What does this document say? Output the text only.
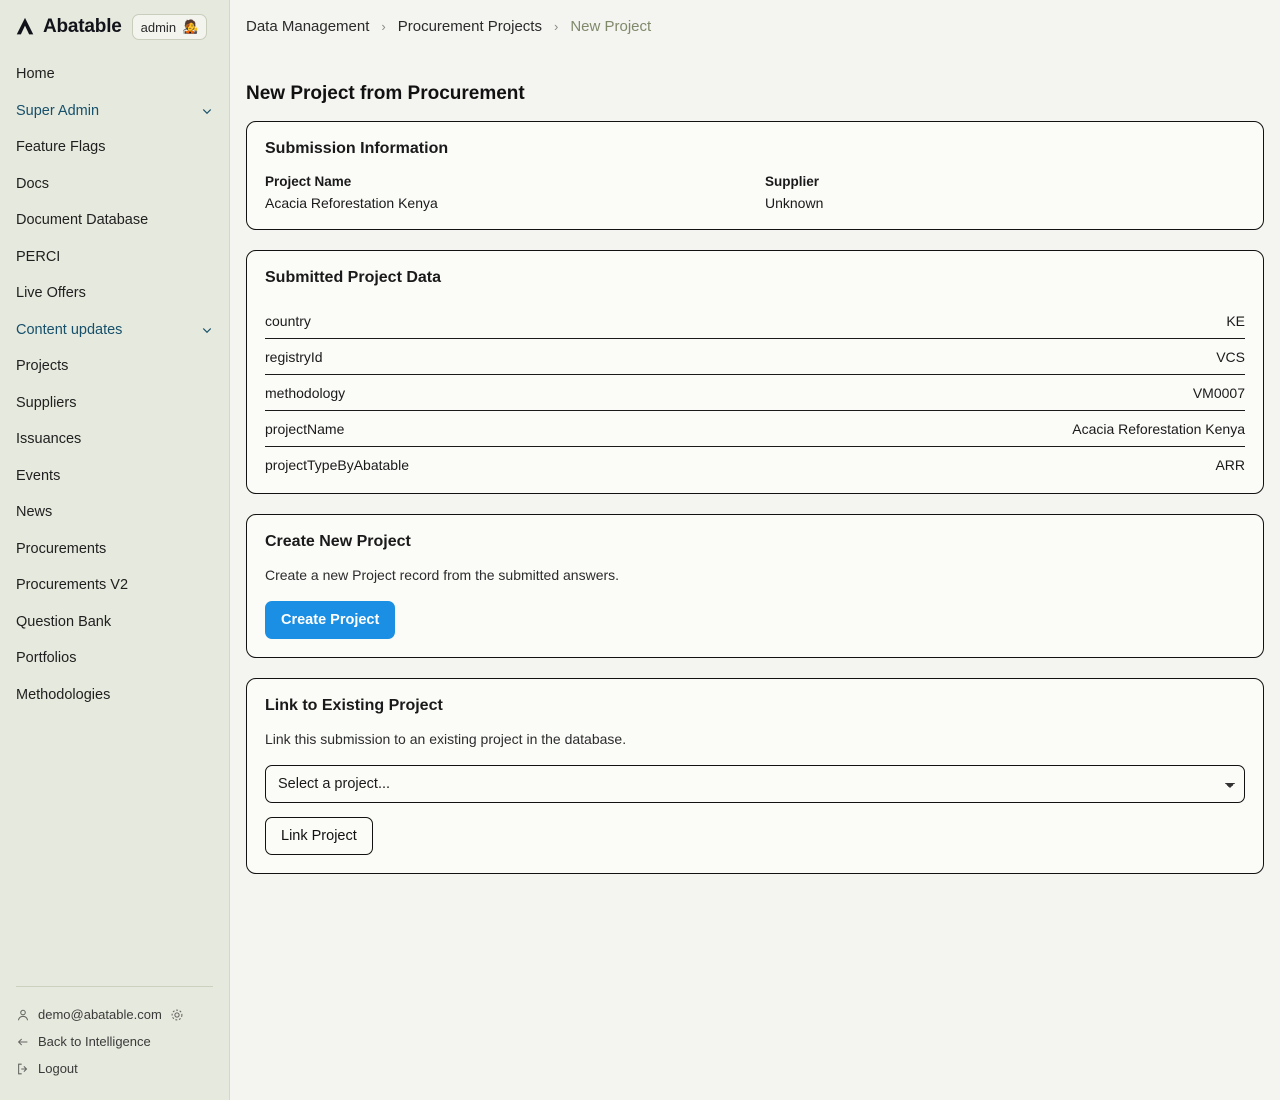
Abatable admin 🧑‍🎤
Home
Super Admin
Feature Flags
Docs
Document Database
PERCI
Live Offers
Content updates
Projects
Suppliers
Issuances
Events
News
Procurements
Procurements V2
Question Bank
Portfolios
Methodologies
demo@abatable.com
Back to Intelligence
Logout
Data Management › Procurement Projects › New Project
New Project from Procurement
Submission Information
Project Name
Acacia Reforestation Kenya
Supplier
Unknown
Submitted Project Data
country	KE
registryId	VCS
methodology	VM0007
projectName	Acacia Reforestation Kenya
projectTypeByAbatable	ARR
Create New Project

Create a new Project record from the submitted answers.

Create Project
Link to Existing Project

Link this submission to an existing project in the database.

Select a project...
Link Project
